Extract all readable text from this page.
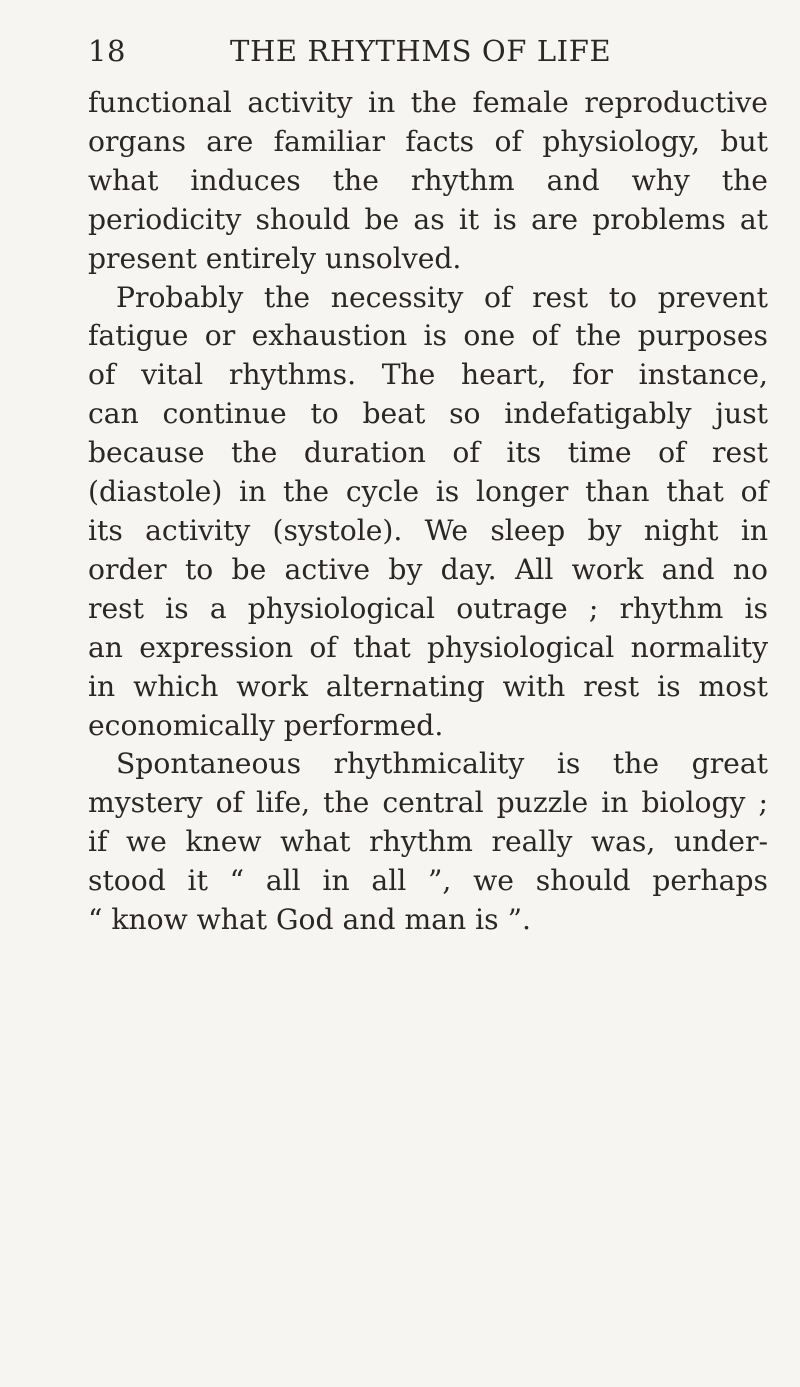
18	THE RHYTHMS OF LIFE
functional activity in the female reproductive
organs are familiar facts of physiology, but
what induces the rhythm and why the
periodicity should be as it is are problems at
present entirely unsolved.
Probably the necessity of rest to prevent
fatigue or exhaustion is one of the purposes
of vital rhythms. The heart, for instance,
can continue to beat so indefatigably just
because the duration of its time of rest
(diastole) in the cycle is longer than that of
its activity (systole). We sleep by night in
order to be active by day. All work and no
rest is a physiological outrage ; rhythm is
an expression of that physiological normality
in which work alternating with rest is most
economically performed.
Spontaneous rhythmicality is the great
mystery of life, the central puzzle in biology ;
if we knew what rhythm really was, under-
stood it “ all in all ”, we should perhaps
“ know what God and man is ”.
